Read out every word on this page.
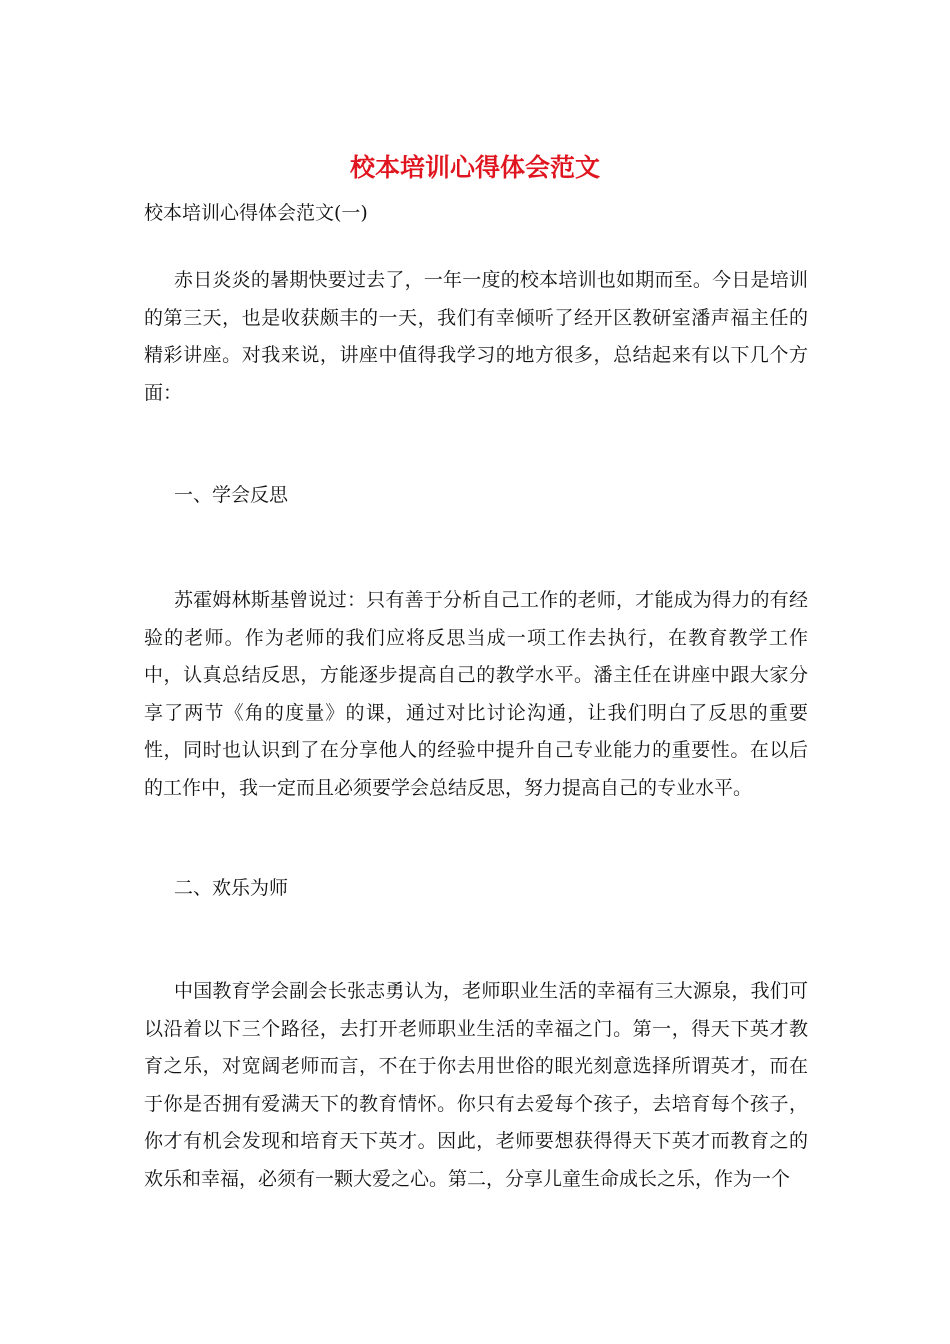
校本培训心得体会范文

校本培训心得体会范文(一)

赤日炎炎的暑期快要过去了，一年一度的校本培训也如期而至。今日是培训的第三天，也是收获颇丰的一天，我们有幸倾听了经开区教研室潘声福主任的精彩讲座。对我来说，讲座中值得我学习的地方很多，总结起来有以下几个方面：

一、学会反思

苏霍姆林斯基曾说过：只有善于分析自己工作的老师，才能成为得力的有经验的老师。作为老师的我们应将反思当成一项工作去执行，在教育教学工作中，认真总结反思，方能逐步提高自己的教学水平。潘主任在讲座中跟大家分享了两节《角的度量》的课，通过对比讨论沟通，让我们明白了反思的重要性，同时也认识到了在分享他人的经验中提升自己专业能力的重要性。在以后的工作中，我一定而且必须要学会总结反思，努力提高自己的专业水平。

二、欢乐为师

中国教育学会副会长张志勇认为，老师职业生活的幸福有三大源泉，我们可以沿着以下三个路径，去打开老师职业生活的幸福之门。第一，得天下英才教育之乐，对宽阔老师而言，不在于你去用世俗的眼光刻意选择所谓英才，而在于你是否拥有爱满天下的教育情怀。你只有去爱每个孩子，去培育每个孩子，你才有机会发现和培育天下英才。因此，老师要想获得得天下英才而教育之的欢乐和幸福，必须有一颗大爱之心。第二，分享儿童生命成长之乐，作为一个
